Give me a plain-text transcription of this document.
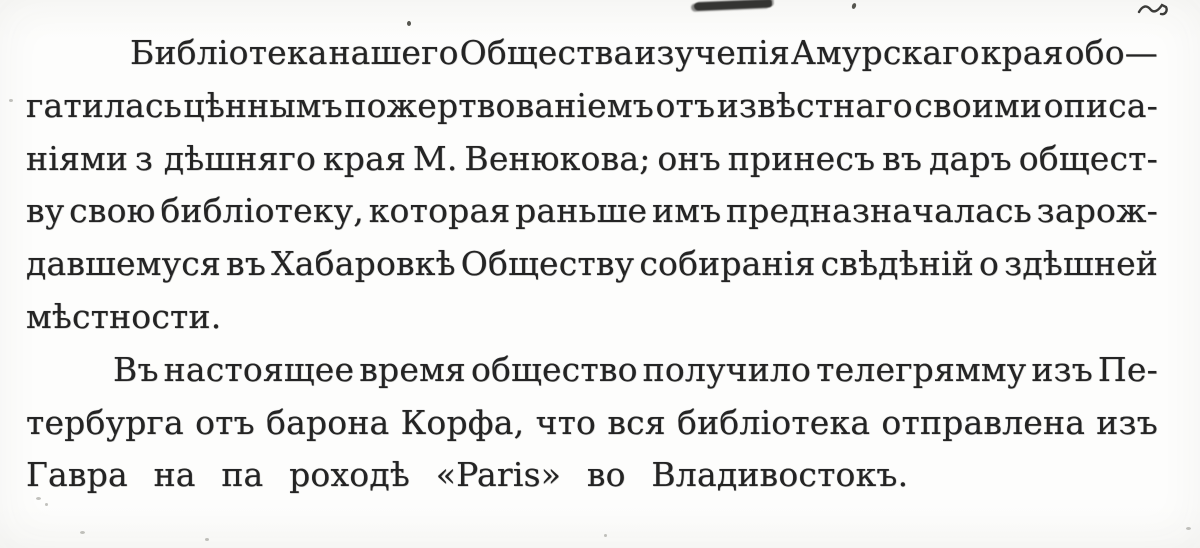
Библіотека нашего Общества изучепія Амурскаго края обо—
гатилась цѣннымъ пожертвованіемъ отъ извѣстнаго своими описа-
ніями з дѣшняго края М. Венюкова; онъ принесъ въ даръ общест-
ву свою библіотеку, которая раньше имъ предназначалась зарож-
давшемуся въ Хабаровкѣ Обществу собиранія свѣдѣній о здѣшней
мѣстности.
Въ настоящее время общество получило телегрямму изъ Пе-
тербурга отъ барона Корфа, что вся библіотека отправлена изъ
Гавра на па роходѣ «Paris» во Владивостокъ.
